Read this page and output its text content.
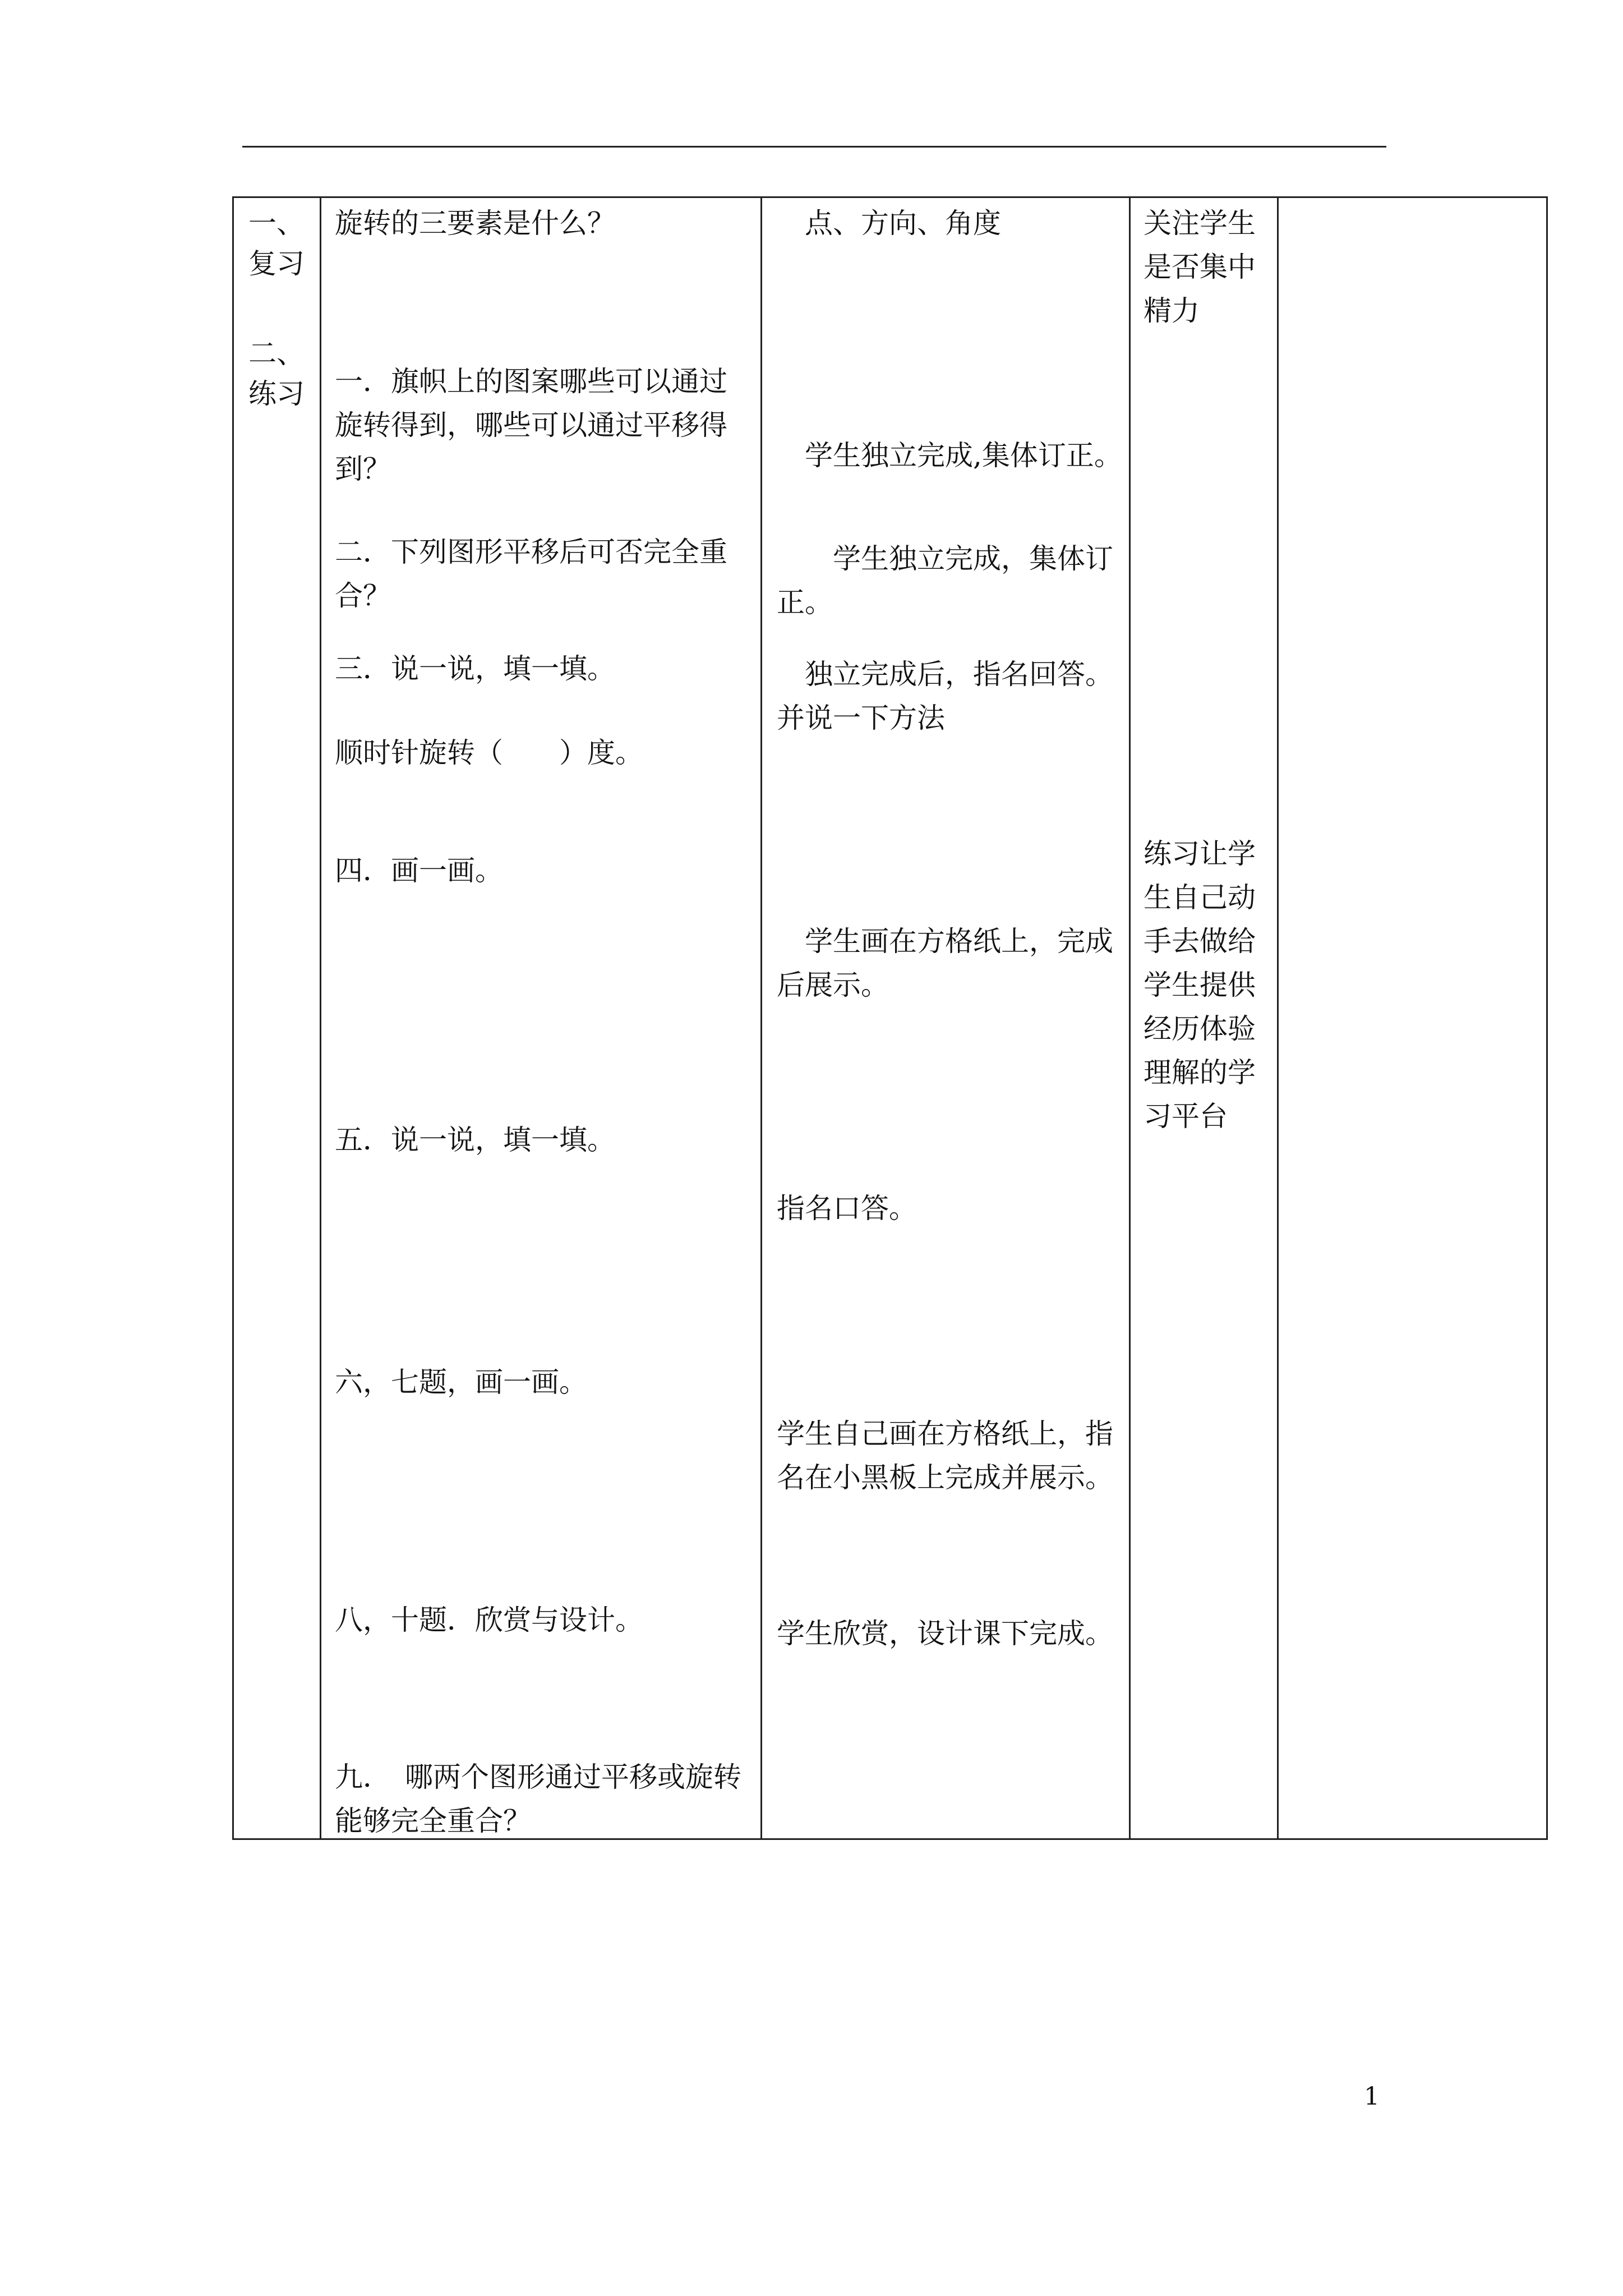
一、
复习
二、
练习
旋转的三要素是什么？
一．旗帜上的图案哪些可以通过旋转得到，哪些可以通过平移得到？
二．下列图形平移后可否完全重合？
三．说一说，填一填。
顺时针旋转（　　）度。
四．画一画。
五．说一说，填一填。
六，七题，画一画。
八，十题．欣赏与设计。
九．　哪两个图形通过平移或旋转能够完全重合？
点、方向、角度
学生独立完成,集体订正。
学生独立完成，集体订正。
独立完成后，指名回答。并说一下方法
学生画在方格纸上，完成后展示。
指名口答。
学生自己画在方格纸上，指名在小黑板上完成并展示。
学生欣赏，设计课下完成。
关注学生是否集中精力
练习让学生自己动手去做给学生提供经历体验理解的学习平台
1
